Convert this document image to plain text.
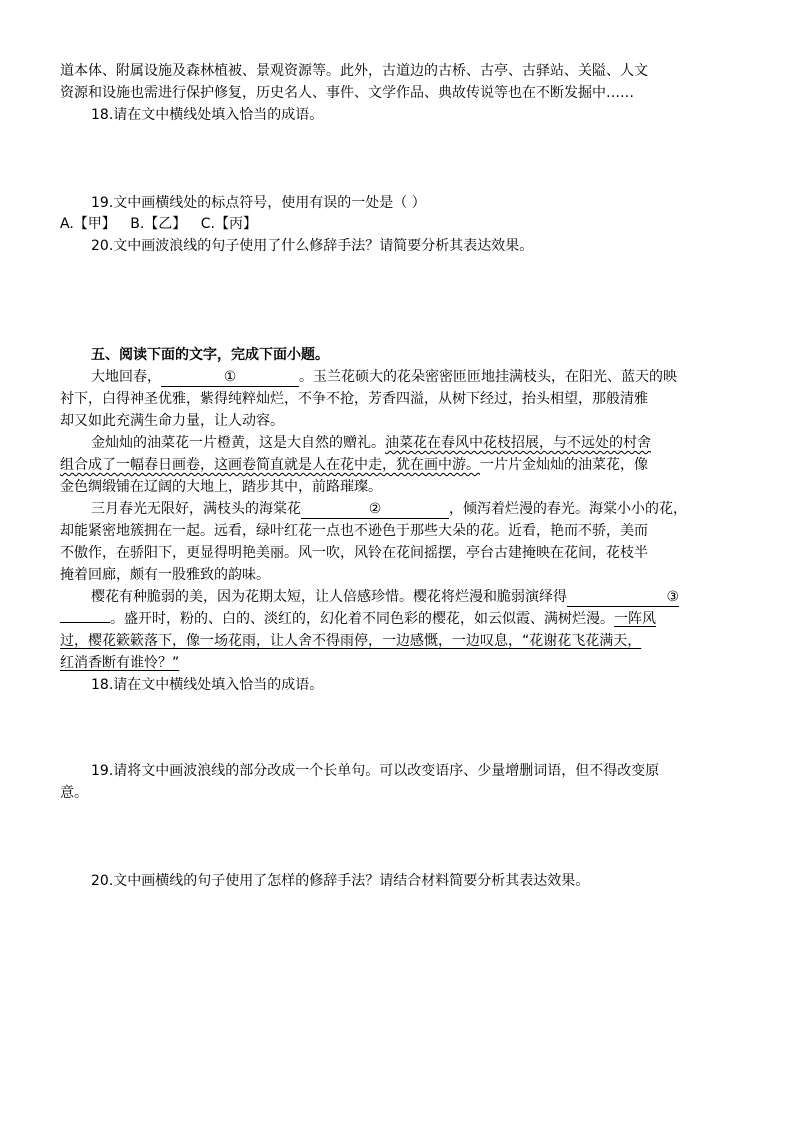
道本体、附属设施及森林植被、景观资源等。此外，古道边的古桥、古亭、古驿站、关隘、人文
资源和设施也需进行保护修复，历史名人、事件、文学作品、典故传说等也在不断发掘中……
18.请在文中横线处填入恰当的成语。
19.文中画横线处的标点符号，使用有误的一处是（ ）
A.【甲】 B.【乙】 C.【丙】
20.文中画波浪线的句子使用了什么修辞手法？请简要分析其表达效果。
五、阅读下面的文字，完成下面小题。
大地回春，	①	。玉兰花硕大的花朵密密匝匝地挂满枝头，在阳光、蓝天的映
衬下，白得神圣优雅，紫得纯粹灿烂，不争不抢，芳香四溢，从树下经过，抬头相望，那般清雅
却又如此充满生命力量，让人动容。
金灿灿的油菜花一片橙黄，这是大自然的赠礼。油菜花在春风中花枝招展，与不远处的村舍
组合成了一幅春日画卷，这画卷简直就是人在花中走，犹在画中游。一片片金灿灿的油菜花，像
金色绸缎铺在辽阔的大地上，踏步其中，前路璀璨。
三月春光无限好，满枝头的海棠花	②	，倾泻着烂漫的春光。海棠小小的花，
却能紧密地簇拥在一起。远看，绿叶红花一点也不逊色于那些大朵的花。近看，艳而不骄，美而
不傲作，在骄阳下，更显得明艳美丽。风一吹，风铃在花间摇摆，亭台古建掩映在花间，花枝半
掩着回廊，颇有一股雅致的韵味。
樱花有种脆弱的美，因为花期太短，让人倍感珍惜。樱花将烂漫和脆弱演绎得	③
。盛开时，粉的、白的、淡红的，幻化着不同色彩的樱花，如云似霞、满树烂漫。一阵风
过，樱花簌簌落下，像一场花雨，让人舍不得雨停，一边感慨，一边叹息，“花谢花飞花满天，
红消香断有谁怜？”
18.请在文中横线处填入恰当的成语。
19.请将文中画波浪线的部分改成一个长单句。可以改变语序、少量增删词语，但不得改变原
意。
20.文中画横线的句子使用了怎样的修辞手法？请结合材料简要分析其表达效果。
